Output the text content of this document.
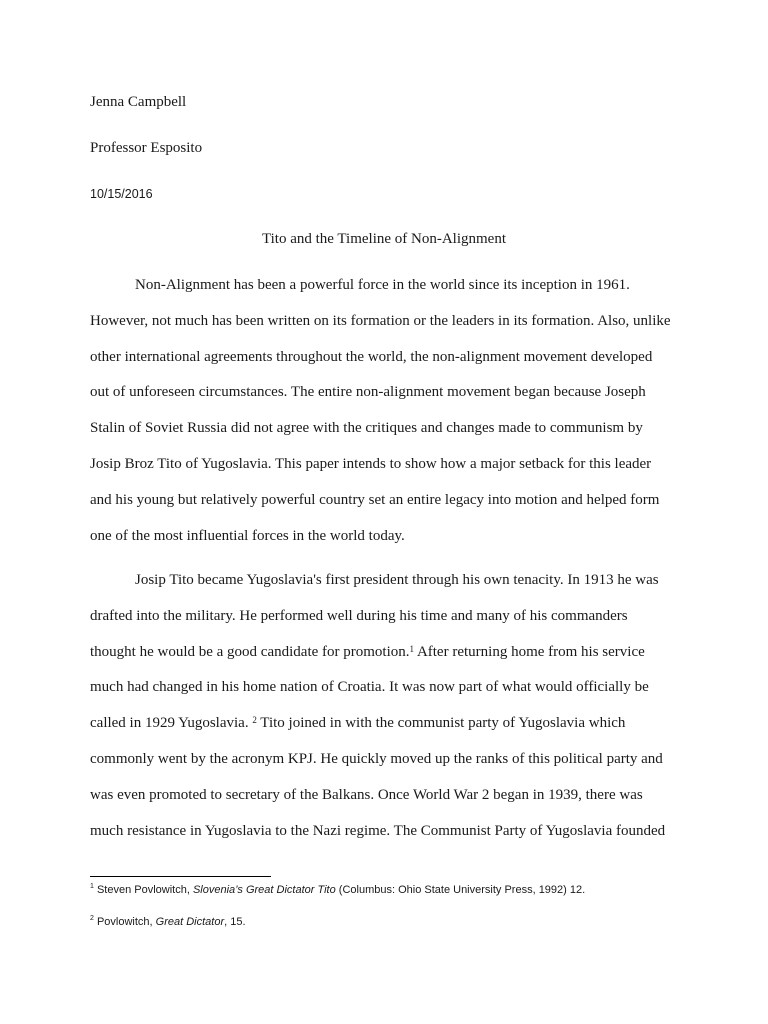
Jenna Campbell
Professor Esposito
10/15/2016
Tito and the Timeline of Non-Alignment
Non-Alignment has been a powerful force in the world since its inception in 1961.
However, not much has been written on its formation or the leaders in its formation. Also, unlike
other international agreements throughout the world, the non-alignment movement developed
out of unforeseen circumstances. The entire non-alignment movement began because Joseph
Stalin of Soviet Russia did not agree with the critiques and changes made to communism by
Josip Broz Tito of Yugoslavia. This paper intends to show how a major setback for this leader
and his young but relatively powerful country set an entire legacy into motion and helped form
one of the most influential forces in the world today.
Josip Tito became Yugoslavia's first president through his own tenacity. In 1913 he was
drafted into the military. He performed well during his time and many of his commanders
thought he would be a good candidate for promotion.$^1$ After returning home from his service
much had changed in his home nation of Croatia. It was now part of what would officially be
called in 1929 Yugoslavia. $^2$ Tito joined in with the communist party of Yugoslavia which
commonly went by the acronym KPJ. He quickly moved up the ranks of this political party and
was even promoted to secretary of the Balkans. Once World War 2 began in 1939, there was
much resistance in Yugoslavia to the Nazi regime. The Communist Party of Yugoslavia founded
$^1$ Steven Povlowitch, Slovenia’s Great Dictator Tito (Columbus: Ohio State University Press, 1992) 12.
$^2$ Povlowitch, Great Dictator, 15.
